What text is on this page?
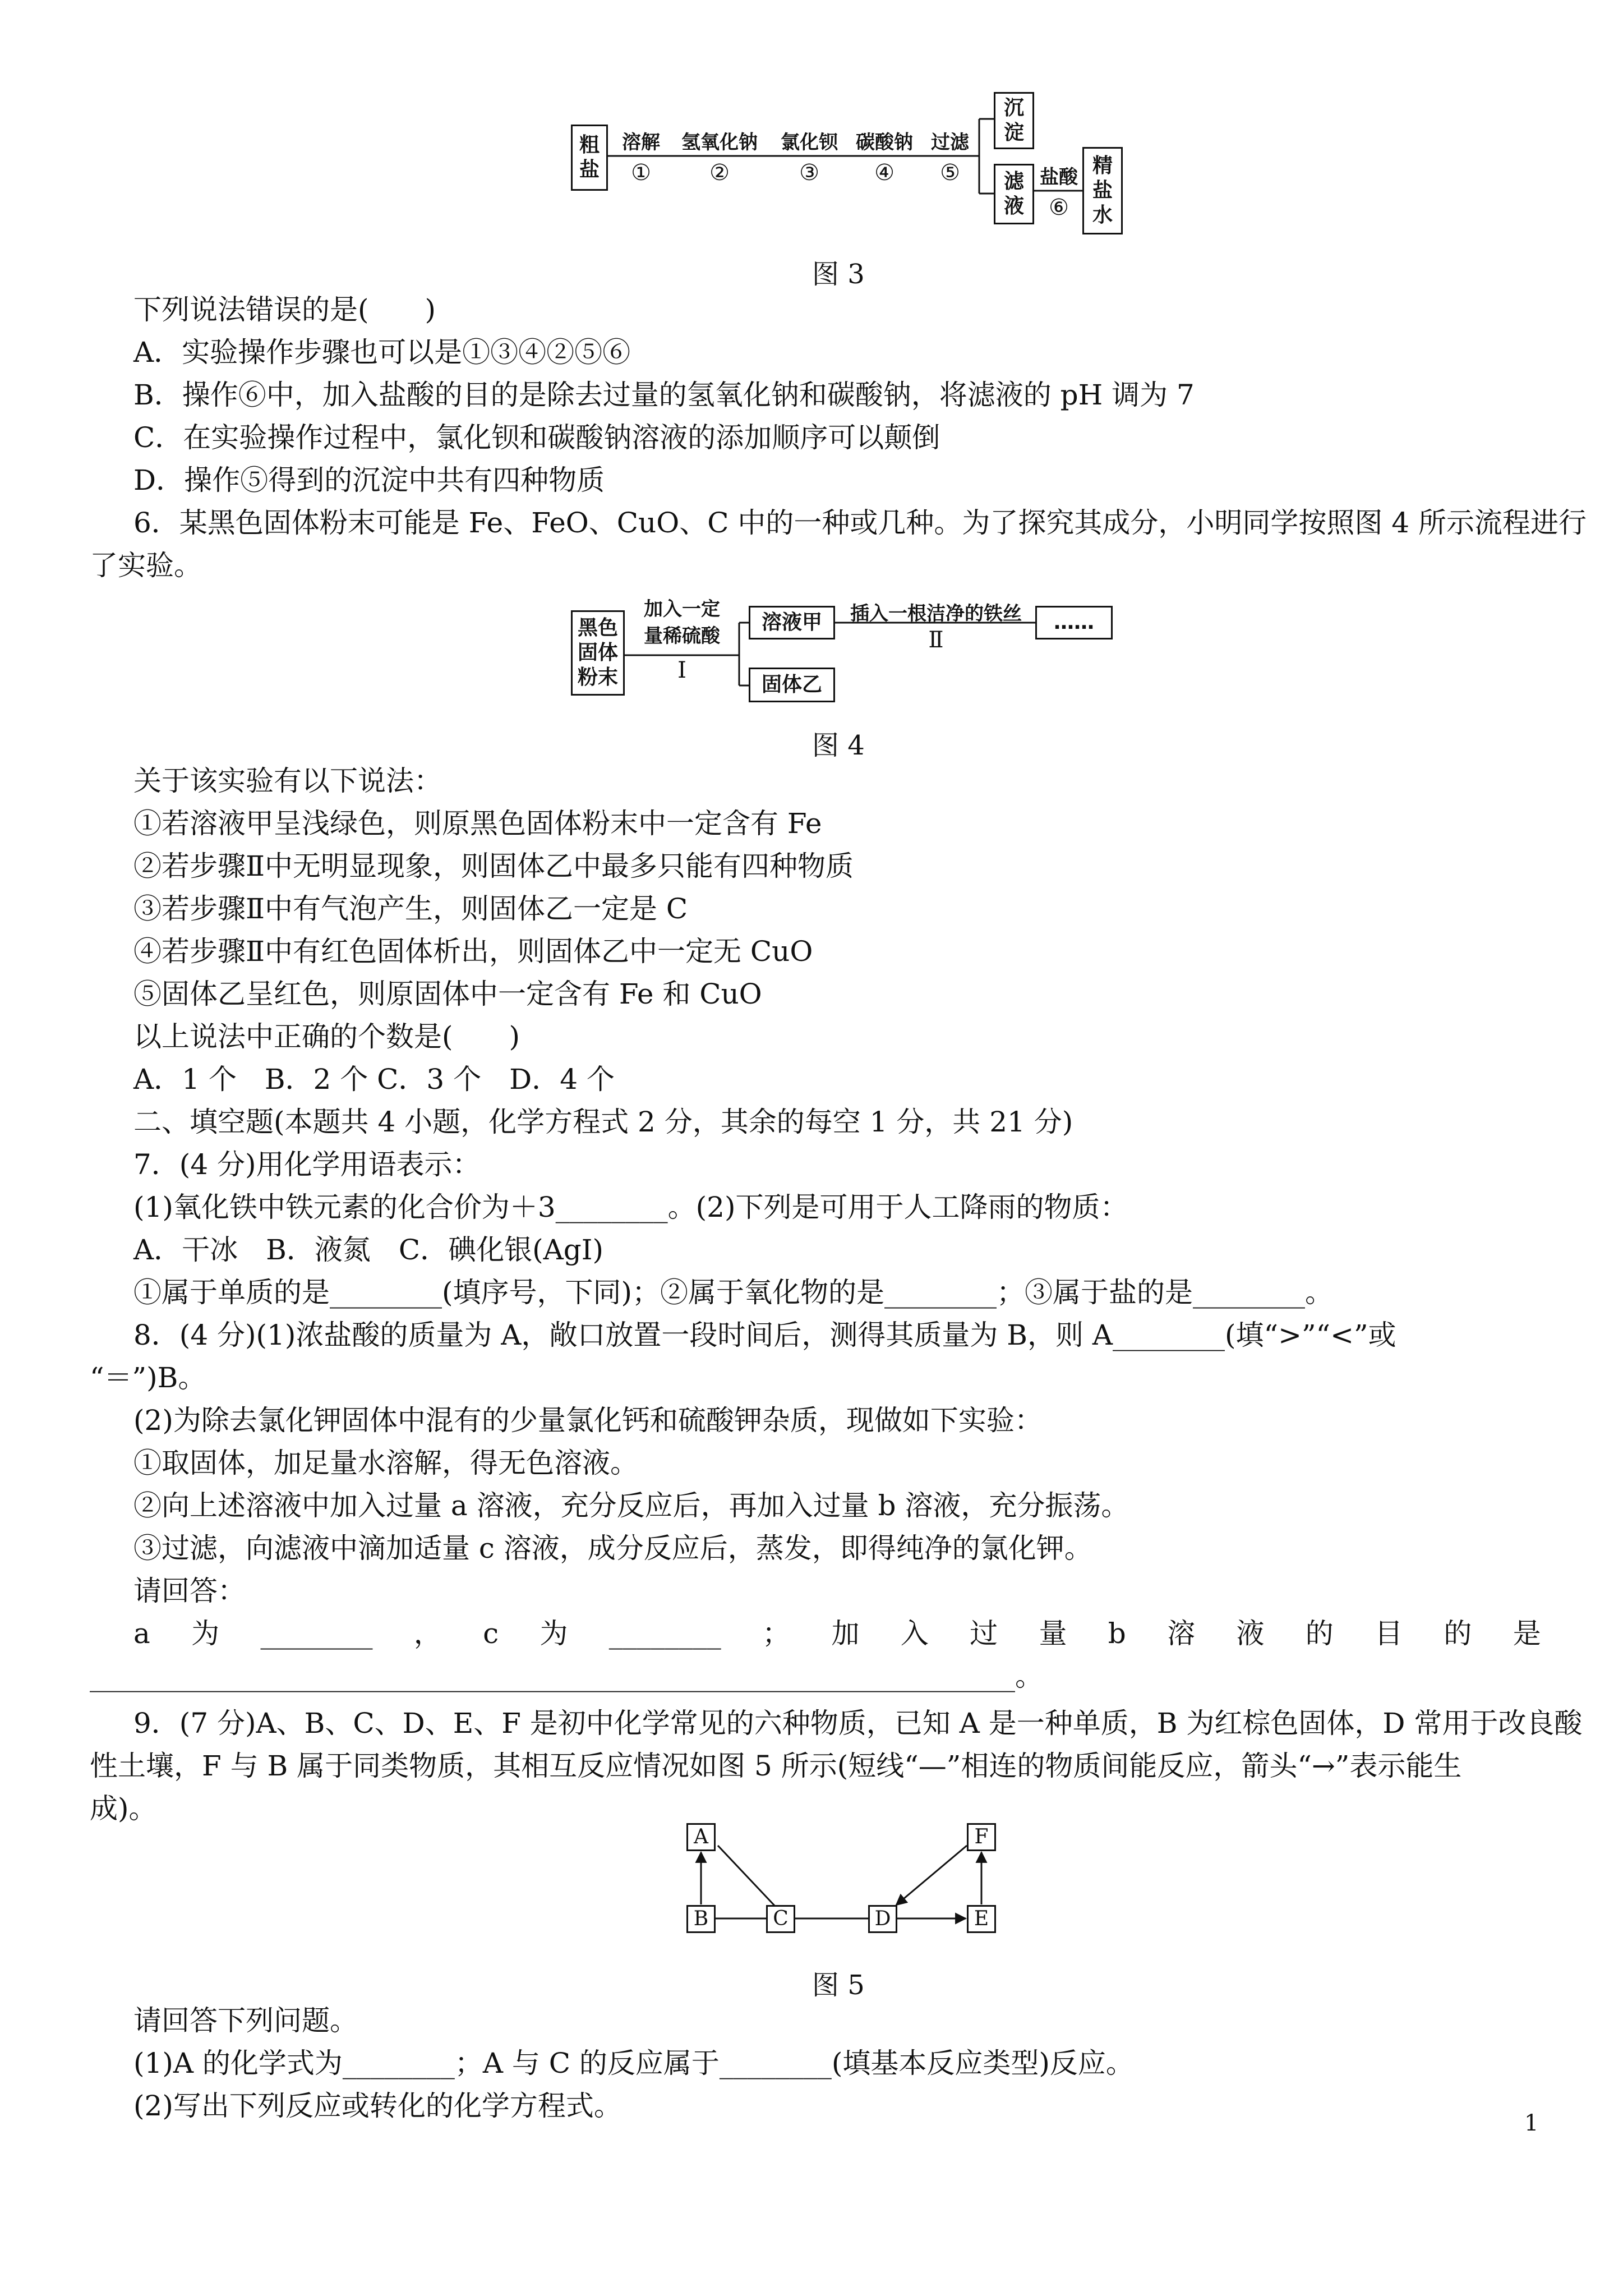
粗
盐
溶解
①
氢氧化钠
②
氯化钡
③
碳酸钠
④
过滤
⑤
沉
淀
滤
液
盐酸
⑥
精
盐
水
图 3
下列说法错误的是(　　)
A．实验操作步骤也可以是①③④②⑤⑥
B．操作⑥中，加入盐酸的目的是除去过量的氢氧化钠和碳酸钠，将滤液的 pH 调为 7
C．在实验操作过程中，氯化钡和碳酸钠溶液的添加顺序可以颠倒
D．操作⑤得到的沉淀中共有四种物质
6．某黑色固体粉末可能是 Fe、FeO、CuO、C 中的一种或几种。为了探究其成分，小明同学按照图 4 所示流程进行
了实验。
黑色
固体
粉末
加入一定
量稀硫酸
Ⅰ
溶液甲
固体乙
插入一根洁净的铁丝
Ⅱ
……
图 4
关于该实验有以下说法：
①若溶液甲呈浅绿色，则原黑色固体粉末中一定含有 Fe
②若步骤Ⅱ中无明显现象，则固体乙中最多只能有四种物质
③若步骤Ⅱ中有气泡产生，则固体乙一定是 C
④若步骤Ⅱ中有红色固体析出，则固体乙中一定无 CuO
⑤固体乙呈红色，则原固体中一定含有 Fe 和 CuO
以上说法中正确的个数是(　　)
A．1 个　B．2 个 C．3 个　D．4 个
二、填空题(本题共 4 小题，化学方程式 2 分，其余的每空 1 分，共 21 分)
7．(4 分)用化学用语表示：
(1)氧化铁中铁元素的化合价为＋3________。(2)下列是可用于人工降雨的物质：
A．干冰　B．液氮　C．碘化银(AgI)
①属于单质的是________(填序号，下同)；②属于氧化物的是________；③属于盐的是________。
8．(4 分)(1)浓盐酸的质量为 A，敞口放置一段时间后，测得其质量为 B，则 A________(填“>”“<”或
“＝”)B。
(2)为除去氯化钾固体中混有的少量氯化钙和硫酸钾杂质，现做如下实验：
①取固体，加足量水溶解，得无色溶液。
②向上述溶液中加入过量 a 溶液，充分反应后，再加入过量 b 溶液，充分振荡。
③过滤，向滤液中滴加适量 c 溶液，成分反应后，蒸发，即得纯净的氯化钾。
请回答：
a 为 ________ ， c 为 ________ ； 加 入 过 量 b 溶 液 的 目 的 是
__________________________________________________________________。
9．(7 分)A、B、C、D、E、F 是初中化学常见的六种物质，已知 A 是一种单质，B 为红棕色固体，D 常用于改良酸
性土壤，F 与 B 属于同类物质，其相互反应情况如图 5 所示(短线“—”相连的物质间能反应，箭头“→”表示能生
成)。
A
B	C	D	E
F
图 5
请回答下列问题。
(1)A 的化学式为________；A 与 C 的反应属于________(填基本反应类型)反应。
(2)写出下列反应或转化的化学方程式。
1
